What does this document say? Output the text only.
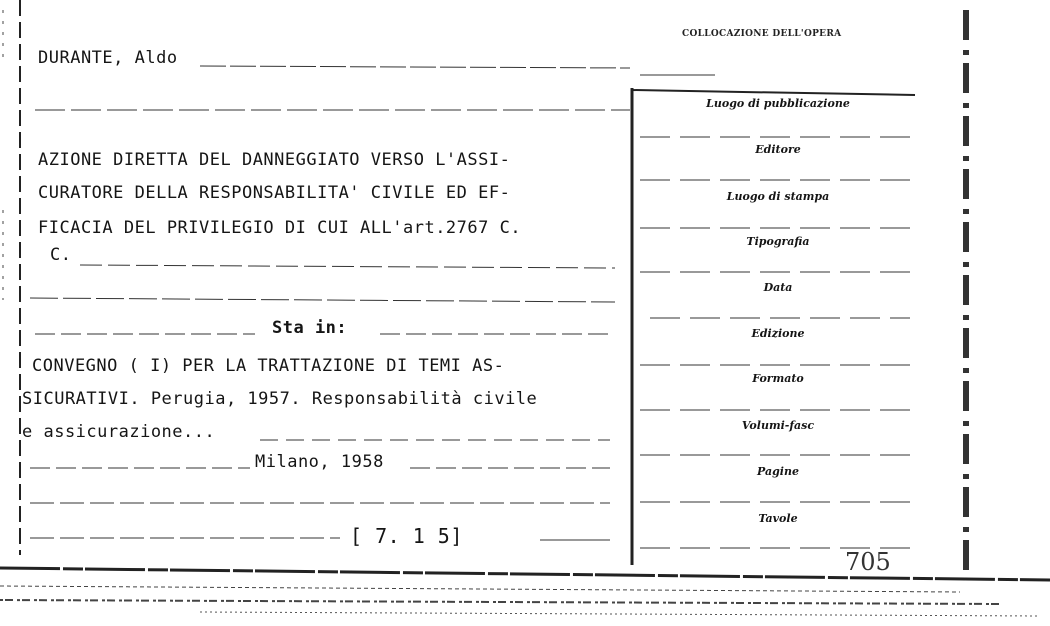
COLLOCAZIONE DELL'OPERA
DURANTE, Aldo
AZIONE DIRETTA DEL DANNEGGIATO VERSO L'ASSI-
CURATORE DELLA RESPONSABILITA' CIVILE ED EF-
FICACIA DEL PRIVILEGIO DI CUI ALL'art.2767 C.
C.
Sta in:
CONVEGNO ( I) PER LA TRATTAZIONE DI TEMI AS-
SICURATIVI. Perugia, 1957. Responsabilità civile
e assicurazione...
Milano, 1958
[ 7. 1 5]
Luogo di pubblicazione
Editore
Luogo di stampa
Tipografia
Data
Edizione
Formato
Volumi-fasc
Pagine
Tavole
705
